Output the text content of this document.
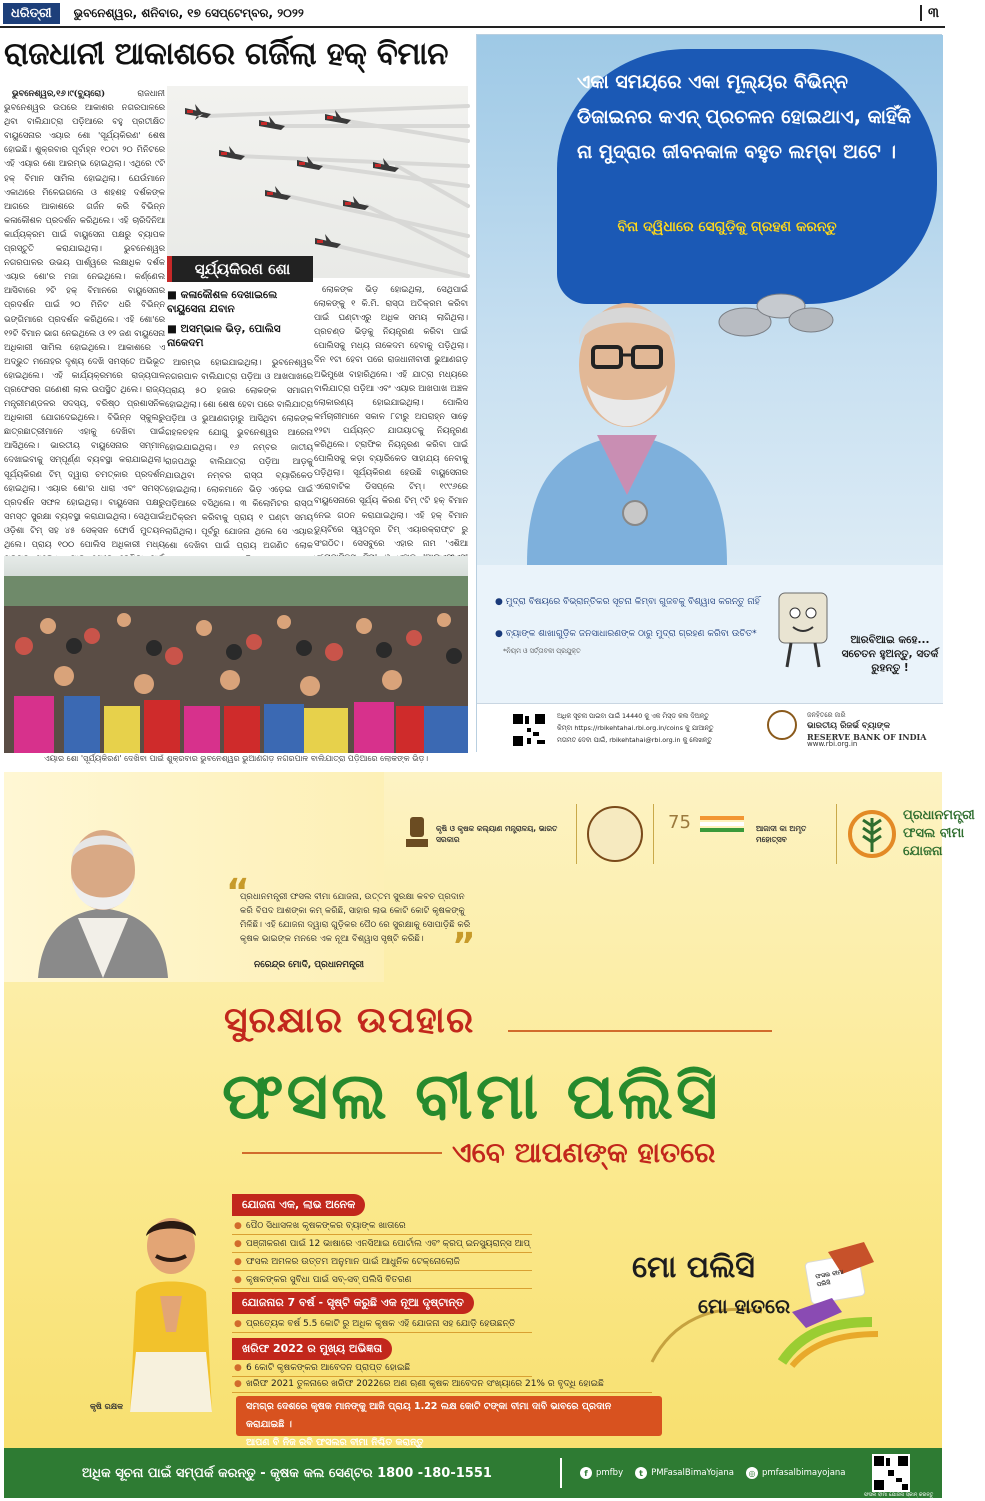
ଧରିତ୍ରୀ	ଭୁବନେଶ୍ୱର, ଶନିବାର, ୧୭ ସେପ୍ଟେମ୍ବର, ୨୦୨୨	୩
ରାଜଧାନୀ ଆକାଶରେ ଗର୍ଜିଲା ହକ୍ ବିମାନ

ଭୁବନେଶ୍ୱର,୧୬।୯(ବ୍ୟୁରୋ)	ରାଜଧାନୀ ଭୁବନେଶ୍ୱର ଉପରେ ଆକାଶର ନଗରପାଳରେ ଥିବା ବାଲିଯାତ୍ରା ପଡ଼ିଆରେ ବହୁ ପ୍ରତୀକ୍ଷିତ ବାୟୁସେନାର ଏୟାର ଶୋ 'ସୂର୍ଯ୍ୟକିରଣ' ଶେଷ ହୋଇଛି। ଶୁକ୍ରବାର ପୂର୍ବାହ୍ନ ୧୦ଟା ୨୦ ମିନିଟରେ ଏହି ଏୟାର ଶୋ ଆରମ୍ଭ ହୋଇଥିଲା। ଏଥିରେ ୯ଟି ହକ୍ ବିମାନ ସାମିଲ ହୋଇଥିଲା। ଯେଉଁମାନେ ଏକାଥରେ ମିଳେଇଗଲେ ଓ ଶହଶହ ଦର୍ଶକଙ୍କ ଆଗରେ ଆକାଶରେ ଗର୍ଜନ କରି ବିଭିନ୍ନ କଳାକୌଶଳ ପ୍ରଦର୍ଶନ କରିଥିଲେ। ଏହି ଚାରିଦିନିଆ କାର୍ଯ୍ୟକ୍ରମ ପାଇଁ ବାୟୁସେନା ପକ୍ଷରୁ ବ୍ୟାପକ ପ୍ରସ୍ତୁତି କରାଯାଇଥିଲା। ଭୁବନେଶ୍ୱର ନଗରପାଳର ଉଭୟ ପାର୍ଶ୍ୱରେ ଲକ୍ଷାଧିକ ଦର୍ଶକ ଏୟାର ଶୋ'ର ମଜା ନେଇଥିଲେ। କର୍ଣ୍ଣେଲ ଆସିବାରେ ୨ଟି ହକ୍ ବିମାନରେ ବାୟୁସେନାର ପ୍ରଦର୍ଶନ ପାଇଁ ୨୦ ମିନିଟ ଧରି ବିଭିନ୍ନ ଭଙ୍ଗିମାରେ ପ୍ରଦର୍ଶନ କରିଥିଲେ। ଏହି ଶୋ'ରେ ୧୨ଟି ବିମାନ ଭାଗ ନେଇଥିଲେ ଓ ୧୨ ଜଣ ବାୟୁସେନା ଅଧିକାରୀ ସାମିଲ ହୋଇଥିଲେ। ଆକାଶରେ ଏ ଅଦ୍ଭୁତ ମନୋହର ଦୃଶ୍ୟ ଦେଖି ସମସ୍ତେ ଅଭିଭୂତ ହୋଇଥିଲେ। ଏହି କାର୍ଯ୍ୟକ୍ରମରେ ରାଜ୍ୟପାଳ ପ୍ରଫେସର ଗଣେଶୀ ଲାଲ ଉପସ୍ଥିତ ଥିଲେ। ରାଜ୍ୟ ମନ୍ତ୍ରୀମଣ୍ଡଳର ସଦସ୍ୟ, ବରିଷ୍ଠ ପ୍ରଶାସନିକ ଅଧିକାରୀ ଯୋଗଦେଇଥିଲେ। ବିଭିନ୍ନ ସ୍କୁଲରୁ ଛାତ୍ରଛାତ୍ରୀମାନେ ଏହାକୁ ଦେଖିବା ପାଇଁ ଆସିଥିଲେ। ଭାରତୀୟ ବାୟୁସେନାର ସମ୍ମାନ ଦେଖାଇବାକୁ ସମ୍ପୂର୍ଣ୍ଣ ବ୍ୟବସ୍ଥା କରାଯାଇଥିଲା। ସୂର୍ଯ୍ୟକିରଣ ଟିମ୍ ଦ୍ୱାରା ଚମତ୍କାର ପ୍ରଦର୍ଶନ ହୋଇଥିଲା। ଏୟାର ଶୋ'ର ଧାରା ଏବଂ ସମସ୍ତ ପ୍ରଦର୍ଶନ ସଫଳ ହୋଇଥିଲା। ବାୟୁସେନା ପକ୍ଷରୁ ସମସ୍ତ ସୁରକ୍ଷା ବ୍ୟବସ୍ଥା କରାଯାଇଥିଲା। ସେଥିପାଇଁ ଓଡ଼ିଶା ଟିମ୍ ସହ ୪୫ ସେକ୍ସନ ଫୋର୍ସ ମୁତୟନ ଥିଲେ। ପ୍ରାୟ ୧୦୦ ପୋଲିସ ଅଧିକାରୀ ମଧ୍ୟ

ସୂର୍ଯ୍ୟକିରଣ ଶୋ
■ କଳାକୌଶଳ ଦେଖାଇଲେ ବାୟୁସେନା ଯବାନ
■ ଅସମ୍ଭାଳ ଭିଡ଼, ପୋଲିସ ନାକେଦମ

ଆରମ୍ଭ ହୋଇଯାଇଥିଲା। ଭୁବନେଶ୍ୱର ନଗରପାଳ ବାଲିଯାତ୍ରା ପଡ଼ିଆ ଓ ଆଖପାଖରେ ପ୍ରାୟ ୫୦ ହଜାର ଲୋକଙ୍କ ସମାଗମ ହୋଇଥିଲା। ଶୋ ଶେଷ ହେବା ପରେ ବାଲିଯାତ୍ରା ପଡ଼ିଆ ଓ ଭୁଆଣଗଡ଼ାରୁ ଆସିଥିବା ଲୋକଙ୍କ ଗହଳଚହଳ ଯୋଗୁ ଭୁବନେଶ୍ୱର ଆରେନା ହୋଇଯାଇଥିଲା। ୧୬ ନମ୍ବର ଜାତୀୟ ରାଜପଥରୁ ବାଲିଯାତ୍ରା ପଡ଼ିଆ ଆଡ଼କୁ ଯାଉଥିବା ନମ୍ବର ରାସ୍ତା ବ୍ୟାରିକେଡ ହୋଇଥିଲା। ଲୋକମାନେ ଭିଡ଼ ଏଡ଼େଇ ପାଇଁ ପଡ଼ିଆରେ ବସିଥିଲେ। ୩ କିଲୋମିଟର ରାସ୍ତା ଅତିକ୍ରମ କରିବାକୁ ପ୍ରାୟ ୧ ଘଣ୍ଟା ସମୟ ଲାଗିଥିଲା। ପୂର୍ବରୁ ଯୋଜନା ଥିଲେ ସେ ଏୟାର ଶୋ ଦେଖିବା ପାଇଁ ପ୍ରାୟ ଅଗଣିତ ଲୋକ

ଲୋକଙ୍କ ଭିଡ଼ ହୋଇଥିଲା, ସେଥିପାଇଁ ଲୋକଙ୍କୁ ୧ କି.ମି. ରାସ୍ତା ଅତିକ୍ରମ କରିବା ପାଇଁ ଘଣ୍ଟାଏରୁ ଅଧିକ ସମୟ ଲାଗିଥିଲା। ପ୍ରଚଣ୍ଡ ଭିଡ଼କୁ ନିୟନ୍ତ୍ରଣ କରିବା ପାଇଁ ପୋଲିସକୁ ମଧ୍ୟ ନାକେଦମ ହେବାକୁ ପଡ଼ିଥିଲା। ଦିନ ୧ଟା ହେବା ପରେ ରାଜଧାନୀବାସୀ ଭୁଆଣଗଡ଼ ଅଭିମୁଖେ ବାହାରିଥିଲେ। ଏହି ଯାତ୍ରା ମଧ୍ୟରେ ବାଲିଯାତ୍ରା ପଡ଼ିଆ ଏବଂ ଏୟାର ଆଖପାଖ ଅଞ୍ଚଳ ଲୋକାରଣ୍ୟ ହୋଇଯାଇଥିଲା। ପୋଲିସ କର୍ମଚାରୀମାନେ ସକାଳ ୮ଟାରୁ ଅପରାହ୍ନ ସାଢ଼େ ୧୨ଟା ପର୍ଯ୍ୟନ୍ତ ଯାତାୟାତକୁ ନିୟନ୍ତ୍ରଣ କରିଥିଲେ। ଟ୍ରାଫିକ ନିୟନ୍ତ୍ରଣ କରିବା ପାଇଁ ପୋଲିସକୁ କଡ଼ା ବ୍ୟାରିକେଡ ସାହାଯ୍ୟ ନେବାକୁ ପଡ଼ିଥିଲା। ସୂର୍ଯ୍ୟକିରଣ ହେଉଛି ବାୟୁସେନାର ଏରୋବାଟିକ ଡିସପ୍ଲେ ଟିମ୍। ୧୯୯୬ରେ ବାୟୁସେନାରେ ସୂର୍ଯ୍ୟ କିରଣ ଟିମ୍ ୯ଟି ହକ୍ ବିମାନ ନେଇ ଗଠନ କରାଯାଇଥିଲା। ଏହି ହକ୍ ବିମାନ ଡ୍ୟୁଟିରେ ସ୍ୱତନ୍ତ୍ର ଟିମ୍ ଏୟାରକ୍ରାଫ୍ଟ ରୁ ସଂଗଠିତ। ସେସବୁରେ ଏହାର ନାମ 'ଏଶିଆ

ଏୟାର ଶୋ 'ସୂର୍ଯ୍ୟକିରଣ' ଦେଖିବା ପାଇଁ ଶୁକ୍ରବାର ଭୁବନେଶ୍ୱର ଭୁଆଣଗଡ଼ ନଗରପାଳ ବାଲିଯାତ୍ରା ପଡ଼ିଆରେ ଲୋକଙ୍କ ଭିଡ଼।
ଏକା ସମୟରେ ଏକା ମୂଲ୍ୟର ବିଭିନ୍ନ ଡିଜାଇନର କଏନ୍ ପ୍ରଚଳନ ହୋଇଥାଏ, କାହିଁକି ନା ମୁଦ୍ରାର ଜୀବନକାଳ ବହୁତ ଲମ୍ବା ଅଟେ ।
ବିନା ଦ୍ୱିଧାରେ ସେଗୁଡ଼ିକୁ ଗ୍ରହଣ କରନ୍ତୁ
● ମୁଦ୍ରା ବିଷୟରେ ବିଭ୍ରାନ୍ତିକର ସୂଚନା କିମ୍ବା ଗୁଜବକୁ ବିଶ୍ୱାସ କରନ୍ତୁ ନାହିଁ
● ବ୍ୟାଙ୍କ ଶାଖାଗୁଡ଼ିକ ଜନସାଧାରଣଙ୍କ ଠାରୁ ମୁଦ୍ରା ଗ୍ରହଣ କରିବା ଉଚିତ*
*ନିୟମ ଓ ସର୍ତ୍ତାବଳୀ ପ୍ରଯୁକ୍ତ
ଆରବିଆଇ କହେ... ସଚେତନ ହୁଅନ୍ତୁ, ସତର୍କ ରୁହନ୍ତୁ !
ଅଧିକ ସୂଚନା ପାଇବା ପାଇଁ 14440 କୁ ଏକ ମିସ୍‌ଡ କଲ ଦିଅନ୍ତୁ
କିମ୍ବା https://rbikehtahai.rbi.org.in/coins କୁ ଯାଆନ୍ତୁ
ମତାମତ ଦେବା ପାଇଁ, rbikehtahai@rbi.org.in କୁ ଲେଖନ୍ତୁ
ଜନହିତରେ ଜାରି
ଭାରତୀୟ ରିଜର୍ଭ ବ୍ୟାଙ୍କ
RESERVE BANK OF INDIA
www.rbi.org.in
କୃଷି ଓ କୃଷକ କଲ୍ୟାଣ ମନ୍ତ୍ରାଳୟ, ଭାରତ ସରକାର
75	ଆଜାଦୀ କା ଅମୃତ ମହୋତ୍ସବ
ପ୍ରଧାନମନ୍ତ୍ରୀ
ଫସଲ ବୀମା ଯୋଜନା
“
ପ୍ରଧାନମନ୍ତ୍ରୀ ଫସଲ ବୀମା ଯୋଜନା, ଉତ୍ତମ ସୁରକ୍ଷା କବଚ ପ୍ରଦାନ କରି ବିପଦ ଆଶଙ୍କା କମ୍ କରିଛି, ସାହାର ଲାଭ କୋଟି କୋଟି କୃଷକଙ୍କୁ ମିଳିଛି। ଏହି ଯୋଜନା ଦ୍ୱାରା ଗୁଡ଼ିକର ପୈଠ ରେ ସୁରକ୍ଷାକୁ ସୋପାଡ଼ିଛି କରି କୃଷକ ଭାଇଙ୍କ ମନରେ ଏକ ନୂଆ ବିଶ୍ୱାସ ସୃଷ୍ଟି କରିଛି। ”
ନରେନ୍ଦ୍ର ମୋଦି, ପ୍ରଧାନମନ୍ତ୍ରୀ
ସୁରକ୍ଷାର ଉପହାର
ଫସଲ ବୀମା ପଲିସି
ଏବେ ଆପଣଙ୍କ ହାତରେ
ଯୋଜନା ଏକ, ଲାଭ ଅନେକ
● ପୈଠ ସିଧାସଳଖ କୃଷକଙ୍କର ବ୍ୟାଙ୍କ ଖାତାରେ
● ପଞ୍ଜୀକରଣ ପାଇଁ 12 ଭାଷାରେ ଏନସିଆଇ ପୋର୍ଟାଲ ଏବଂ କ୍ରପ୍ ଇନସ୍ୟୁରାନ୍ସ ଆପ୍
● ଫସଲ ଅମଳର ଉତ୍ତମ ଅନୁମାନ ପାଇଁ ଆଧୁନିକ ଟେକ୍ନୋଲୋଜି
● କୃଷକଙ୍କର ସୁବିଧା ପାଇଁ ସବ୍-ସବ୍ ପଲିସି ବିତରଣ
ଯୋଜନାର 7 ବର୍ଷ - ସୃଷ୍ଟି କରୁଛି ଏକ ନୂଆ ଦୃଷ୍ଟାନ୍ତ
● ପ୍ରତ୍ୟେକ ବର୍ଷ 5.5 କୋଟି ରୁ ଅଧିକ କୃଷକ ଏହି ଯୋଜନା ସହ ଯୋଡ଼ି ହେଉଛନ୍ତି
ଖରିଫ 2022 ର ମୁଖ୍ୟ ଅଭିଜ୍ଞତା
● 6 କୋଟି କୃଷକଙ୍କର ଆବେଦନ ପ୍ରାପ୍ତ ହୋଇଛି
● ଖରିଫ 2021 ତୁଳନାରେ ଖରିଫ 2022ରେ ଅଣ ଋଣୀ କୃଷକ ଆବେଦନ ସଂଖ୍ୟାରେ 21% ର ବୃଦ୍ଧି ହୋଇଛି
କୃଷି ରକ୍ଷକ
ମୋ ପଲିସି
ମୋ ହାତରେ
ଫସଲ ବୀମା ପଲିସି
ସମଗ୍ର ଦେଶରେ କୃଷକ ମାନଙ୍କୁ ଆଜି ପ୍ରାୟ 1.22 ଲକ୍ଷ କୋଟି ଟଙ୍କା ବୀମା ଦାବି ଭାବରେ ପ୍ରଦାନ କରାଯାଇଛି ।
ଆପଣ ବି ନିଜ ରବି ଫସଲର ବୀମା ନିଶ୍ଚିତ କରାନ୍ତୁ
ଅଧିକ ସୂଚନା ପାଇଁ ସମ୍ପର୍କ କରନ୍ତୁ - କୃଷକ କଲ ସେଣ୍ଟର 1800 -180-1551	f pmfby	t PMFasalBimaYojana	◎ pmfasalbimayojana
ଫସଲ ବୀମା ଯୋଜନା ସ୍କାନ୍ କରନ୍ତୁ
